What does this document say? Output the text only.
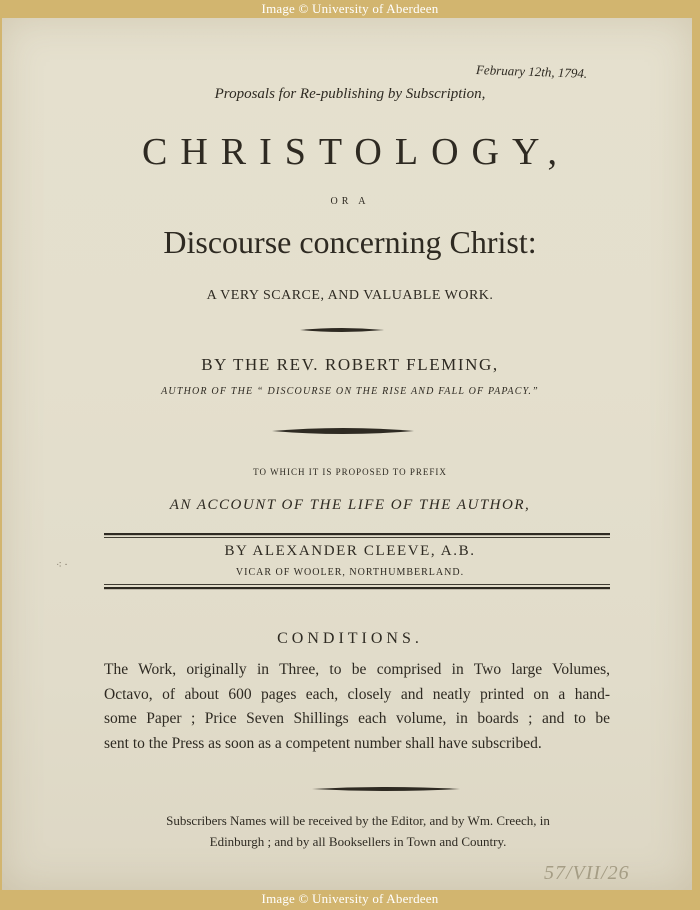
Image © University of Aberdeen
February 12th, 1794.
Proposals for Re-publishing by Subscription,
CHRISTOLOGY,
OR A
Discourse concerning Christ:
A VERY SCARCE, AND VALUABLE WORK.
BY THE REV. ROBERT FLEMING,
AUTHOR OF THE “ DISCOURSE ON THE RISE AND FALL OF PAPACY.”
TO WHICH IT IS PROPOSED TO PREFIX
AN ACCOUNT OF THE LIFE OF THE AUTHOR,
BY ALEXANDER CLEEVE, A.B.
VICAR OF WOOLER, NORTHUMBERLAND.
⁖ ·
CONDITIONS.
The Work, originally in Three, to be comprised in Two large Volumes,
Octavo, of about 600 pages each, closely and neatly printed on a hand-
some Paper ; Price Seven Shillings each volume, in boards ; and to be
sent to the Press as soon as a competent number shall have subscribed.
Subscribers Names will be received by the Editor, and by Wm. Creech, in
Edinburgh ; and by all Booksellers in Town and Country.
57/VII/26
Image © University of Aberdeen
